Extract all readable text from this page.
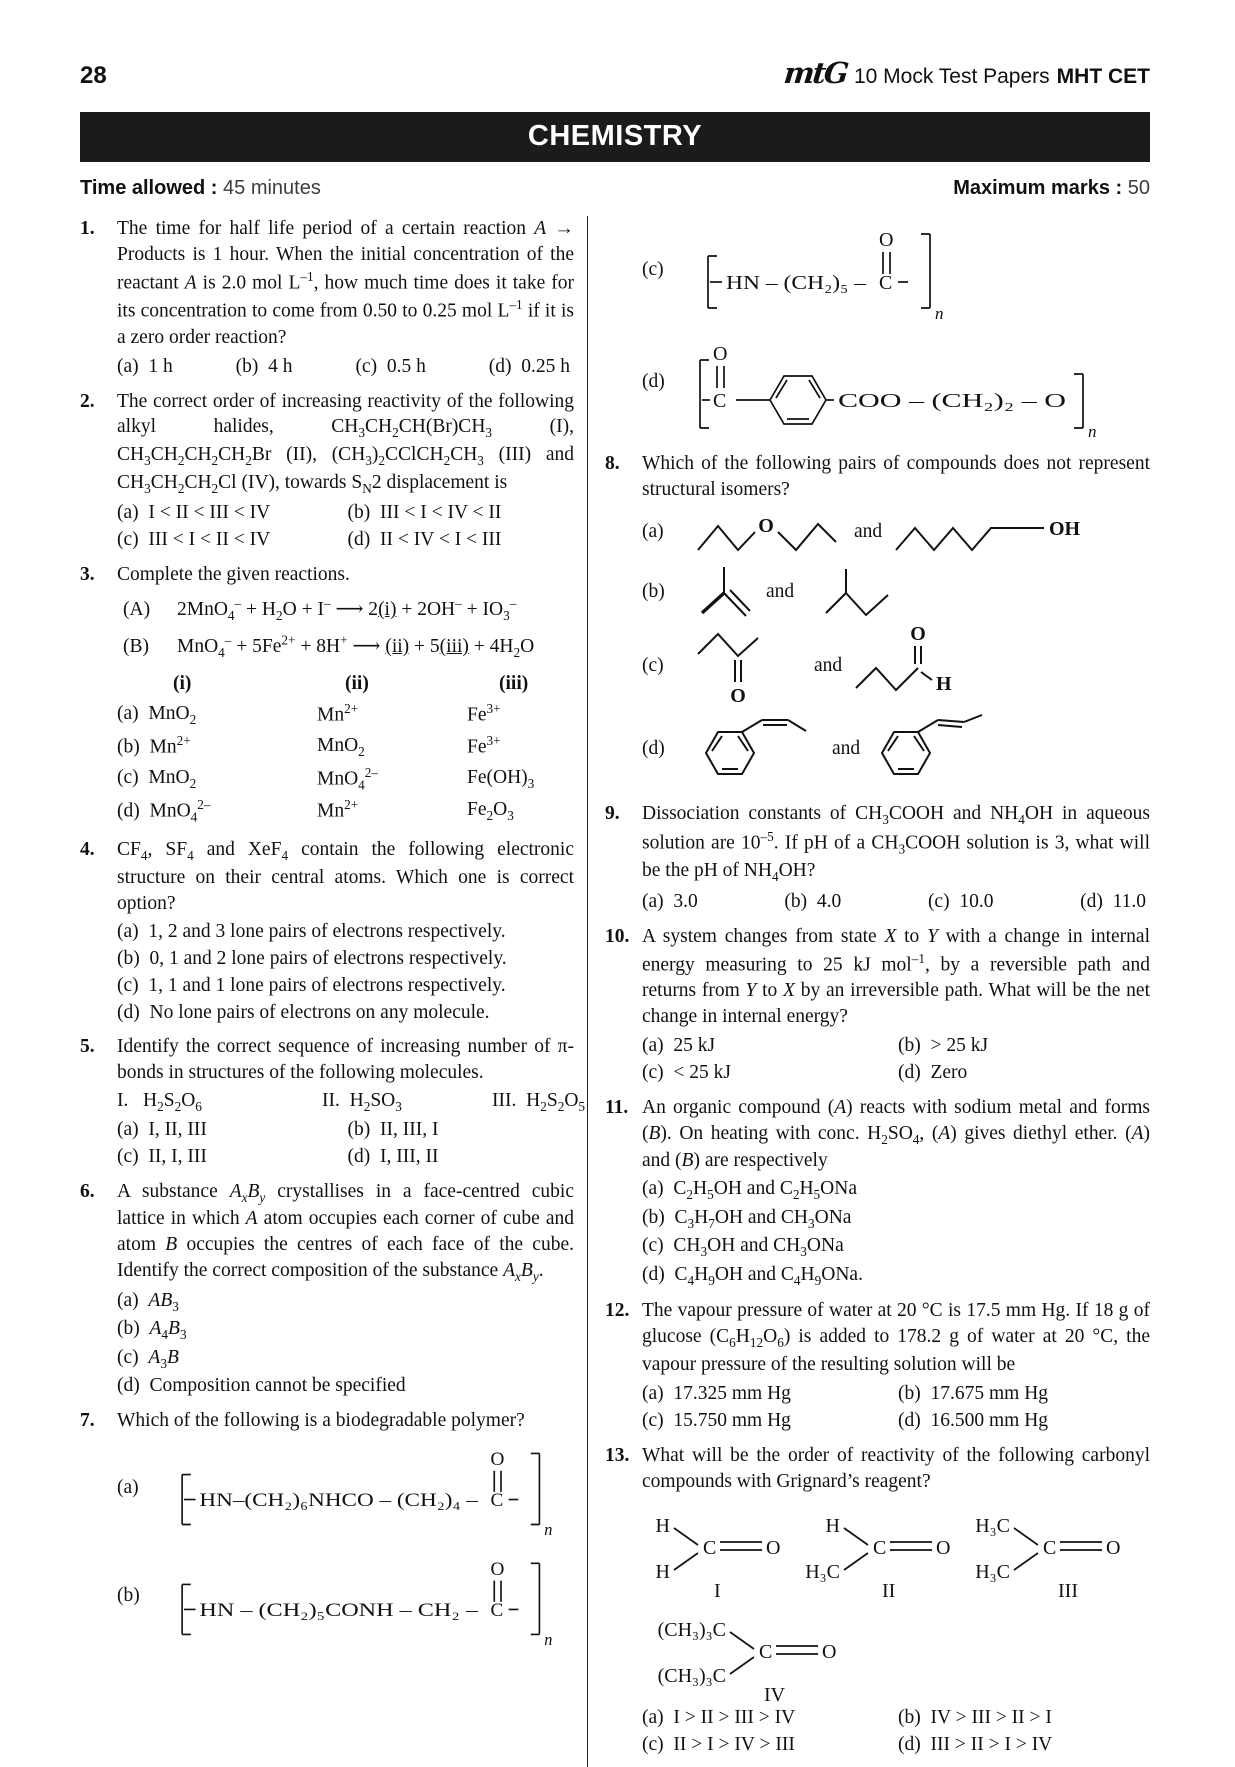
28	mtG 10 Mock Test Papers MHT CET
CHEMISTRY
Time allowed : 45 minutes	Maximum marks : 50
1.	The time for half life period of a certain reaction A → Products is 1 hour. When the initial concentration of the reactant A is 2.0 mol $L^{-1}$, how much time does it take for its concentration to come from 0.50 to 0.25 mol $L^{-1}$ if it is a zero order reaction?

(a)  1 h	(b)  4 h	(c)  0.5 h	(d)  0.25 h
2.	The correct order of increasing reactivity of the following alkyl halides, $CH_3CH_2CH(Br)CH_3$ (I), $CH_3CH_2CH_2CH_2Br$ (II), $(CH_3)_2CClCH_2CH_3$ (III) and $CH_3CH_2CH_2Cl$ (IV), towards $S_N2$ displacement is

(a)  I < II < III < IV	(b)  III < I < IV < II
(c)  III < I < II < IV	(d)  II < IV < I < III
3.	Complete the given reactions.

(A) $2MnO_4^- + H_2O + I^-$ ⟶ $2(i) + 2OH^- + IO_3^-$
(B) $MnO_4^- + 5Fe^{2+} + 8H^+$ ⟶ $(ii) + 5(iii) + 4H_2O$
(i)	(ii)	(iii)
(a)  MnO$_2$	$Mn^{2+}$	$Fe^{3+}$
(b)  $Mn^{2+}$	MnO$_2$	$Fe^{3+}$
(c)  MnO$_2$	MnO$_4^{2-}$	$Fe(OH)_3$
(d)  MnO$_4^{2-}$	$Mn^{2+}$	$Fe_2O_3$
4.	$CF_4$, $SF_4$ and XeF$_4$ contain the following electronic structure on their central atoms. Which one is correct option?

(a)  1, 2 and 3 lone pairs of electrons respectively.
(b)  0, 1 and 2 lone pairs of electrons respectively.
(c)  1, 1 and 1 lone pairs of electrons respectively.
(d)  No lone pairs of electrons on any molecule.
5.	Identify the correct sequence of increasing number of π-bonds in structures of the following molecules.

I.   $H_2S_2O_6$	II.  $H_2SO_3$	III.  $H_2S_2O_5$
(a)  I, II, III	(b)  II, III, I
(c)  II, I, III	(d)  I, III, II
6.	A substance $A_xB_y$ crystallises in a face-centred cubic lattice in which A atom occupies each corner of cube and atom B occupies the centres of each face of the cube. Identify the correct composition of the substance $A_xB_y$.

(a)  $AB_3$
(b)  $A_4B_3$
(c)  $A_3B$
(d)  Composition cannot be specified
7.	Which of the following is a biodegradable polymer?

(a)
HN–(CH₂)₆NHCO – (CH₂)₄ – C
O
n
(b)
HN – (CH₂)₅CONH – CH₂ – C
O
n
(c)
HN – (CH₂)₅ – C
O
n
(d)
C
O
COO – (CH₂)₂ – O
n
8.	Which of the following pairs of compounds does not represent structural isomers?

(a)	O	and	OH
(b)	and
(c)
O
and
O
H
(d)	and
9.	Dissociation constants of $CH_3COOH$ and $NH_4OH$ in aqueous solution are $10^{-5}$. If pH of a $CH_3COOH$ solution is 3, what will be the pH of $NH_4OH$?

(a)  3.0	(b)  4.0	(c)  10.0	(d)  11.0
10. A system changes from state X to Y with a change in internal energy measuring to 25 kJ mol$^{-1}$, by a reversible path and returns from Y to X by an irreversible path. What will be the net change in internal energy?

(a)  25 kJ	(b)  > 25 kJ
(c)  < 25 kJ	(d)  Zero
11. An organic compound (A) reacts with sodium metal and forms (B). On heating with conc. $H_2SO_4$, (A) gives diethyl ether. (A) and (B) are respectively

(a)  $C_2H_5OH$ and $C_2H_5ONa$
(b)  $C_3H_7OH$ and $CH_3ONa$
(c)  $CH_3OH$ and $CH_3ONa$
(d)  $C_4H_9OH$ and $C_4H_9ONa$.
12. The vapour pressure of water at 20 °C is 17.5 mm Hg. If 18 g of glucose $(C_6H_{12}O_6)$ is added to 178.2 g of water at 20 °C, the vapour pressure of the resulting solution will be

(a)  17.325 mm Hg	(b)  17.675 mm Hg
(c)  15.750 mm Hg	(d)  16.500 mm Hg
13. What will be the order of reactivity of the following carbonyl compounds with Grignard’s reagent?

H
H
C O
I
H
H₃C
C O
II
H₃C
H₃C
C O
III
(CH₃)₃C
(CH₃)₃C
C O
IV
(a)  I > II > III > IV	(b)  IV > III > II > I
(c)  II > I > IV > III	(d)  III > II > I > IV
